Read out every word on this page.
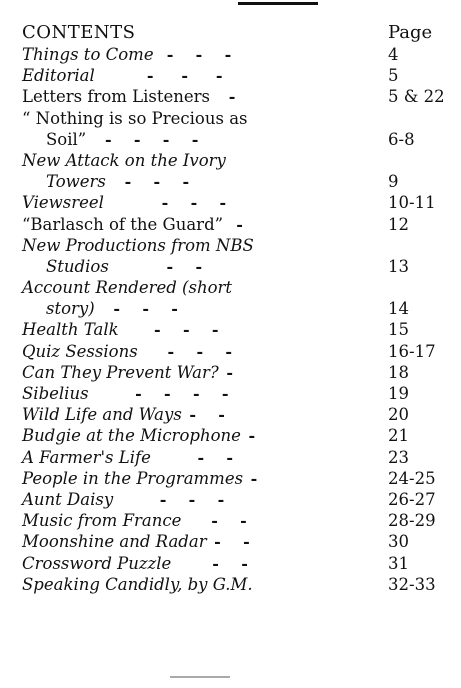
CONTENTS	Page
Things to Come -    -    -	4
Editorial -     -     -	5
Letters from Listeners -	5 & 22
“ Nothing is so Precious as
Soil” -    -    -    -	6-8
New Attack on the Ivory
Towers -    -    -	9
Viewsreel -    -    -	10-11
“Barlasch of the Guard” -	12
New Productions from NBS
Studios -    -	13
Account Rendered (short
story) -    -    -	14
Health Talk -    -    -	15
Quiz Sessions -    -    -	16-17
Can They Prevent War? -	18
Sibelius -    -    -    -	19
Wild Life and Ways -    -	20
Budgie at the Microphone -	21
A Farmer's Life -    -	23
People in the Programmes -	24-25
Aunt Daisy -    -    -	26-27
Music from France -    -	28-29
Moonshine and Radar -    -	30
Crossword Puzzle -    -	31
Speaking Candidly, by G.M.	32-33
